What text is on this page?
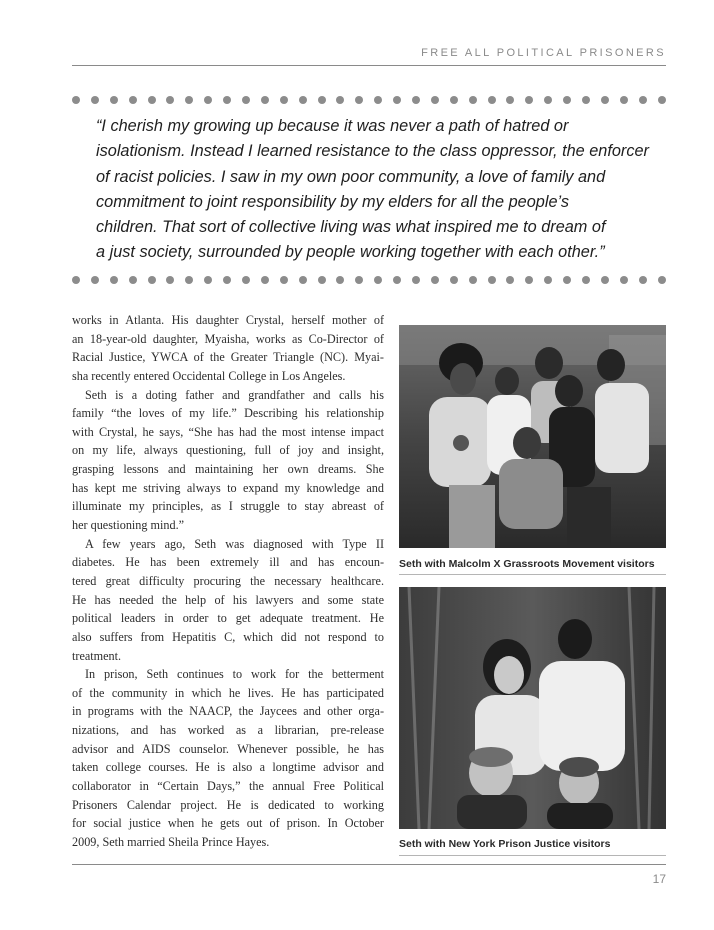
FREE ALL POLITICAL PRISONERS
“I cherish my growing up because it was never a path of hatred or
isolationism. Instead I learned resistance to the class oppressor, the enforcer
of racist policies. I saw in my own poor community, a love of family and
commitment to joint responsibility by my elders for all the people’s
children. That sort of collective living was what inspired me to dream of
a just society, surrounded by people working together with each other.”
works in Atlanta. His daughter Crystal, herself mother of
an 18-year-old daughter, Myaisha, works as Co-Director of
Racial Justice, YWCA of the Greater Triangle (NC). Myai-
sha recently entered Occidental College in Los Angeles.
Seth is a doting father and grandfather and calls his
family “the loves of my life.” Describing his relationship
with Crystal, he says, “She has had the most intense impact
on my life, always questioning, full of joy and insight,
grasping lessons and maintaining her own dreams. She
has kept me striving always to expand my knowledge and
illuminate my principles, as I struggle to stay abreast of
her questioning mind.”
A few years ago, Seth was diagnosed with Type II
diabetes. He has been extremely ill and has encoun-
tered great difficulty procuring the necessary healthcare.
He has needed the help of his lawyers and some state
political leaders in order to get adequate treatment. He
also suffers from Hepatitis C, which did not respond to
treatment.
In prison, Seth continues to work for the betterment
of the community in which he lives. He has participated
in programs with the NAACP, the Jaycees and other orga-
nizations, and has worked as a librarian, pre-release
advisor and AIDS counselor. Whenever possible, he has
taken college courses. He is also a longtime advisor and
collaborator in “Certain Days,” the annual Free Political
Prisoners Calendar project. He is dedicated to working
for social justice when he gets out of prison. In October
2009, Seth married Sheila Prince Hayes.
Seth with Malcolm X Grassroots Movement visitors
Seth with New York Prison Justice visitors
17
